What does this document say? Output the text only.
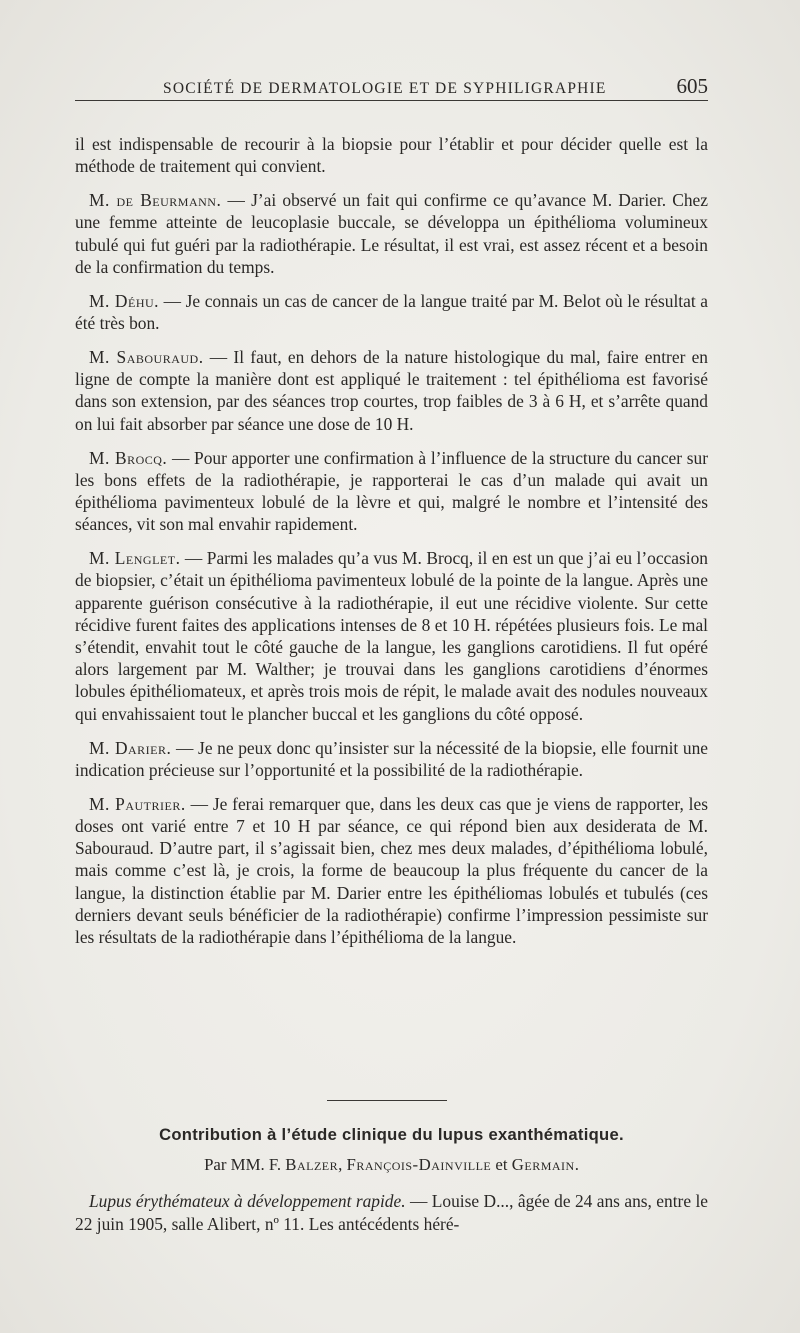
SOCIÉTÉ DE DERMATOLOGIE ET DE SYPHILIGRAPHIE	605

il est indispensable de recourir à la biopsie pour l’établir et pour décider quelle est la méthode de traitement qui convient.

M. de Beurmann. — J’ai observé un fait qui confirme ce qu’avance M. Darier. Chez une femme atteinte de leucoplasie buccale, se développa un épithélioma volumineux tubulé qui fut guéri par la radiothérapie. Le résultat, il est vrai, est assez récent et a besoin de la confirmation du temps.

M. Déhu. — Je connais un cas de cancer de la langue traité par M. Belot où le résultat a été très bon.

M. Sabouraud. — Il faut, en dehors de la nature histologique du mal, faire entrer en ligne de compte la manière dont est appliqué le traitement : tel épithélioma est favorisé dans son extension, par des séances trop courtes, trop faibles de 3 à 6 H, et s’arrête quand on lui fait absorber par séance une dose de 10 H.

M. Brocq. — Pour apporter une confirmation à l’influence de la structure du cancer sur les bons effets de la radiothérapie, je rapporterai le cas d’un malade qui avait un épithélioma pavimenteux lobulé de la lèvre et qui, malgré le nombre et l’intensité des séances, vit son mal envahir rapidement.

M. Lenglet. — Parmi les malades qu’a vus M. Brocq, il en est un que j’ai eu l’occasion de biopsier, c’était un épithélioma pavimenteux lobulé de la pointe de la langue. Après une apparente guérison consécutive à la radiothérapie, il eut une récidive violente. Sur cette récidive furent faites des applications intenses de 8 et 10 H. répétées plusieurs fois. Le mal s’étendit, envahit tout le côté gauche de la langue, les ganglions carotidiens. Il fut opéré alors largement par M. Walther; je trouvai dans les ganglions carotidiens d’énormes lobules épithéliomateux, et après trois mois de répit, le malade avait des nodules nouveaux qui envahissaient tout le plancher buccal et les ganglions du côté opposé.

M. Darier. — Je ne peux donc qu’insister sur la nécessité de la biopsie, elle fournit une indication précieuse sur l’opportunité et la possibilité de la radiothérapie.

M. Pautrier. — Je ferai remarquer que, dans les deux cas que je viens de rapporter, les doses ont varié entre 7 et 10 H par séance, ce qui répond bien aux desiderata de M. Sabouraud. D’autre part, il s’agissait bien, chez mes deux malades, d’épithélioma lobulé, mais comme c’est là, je crois, la forme de beaucoup la plus fréquente du cancer de la langue, la distinction établie par M. Darier entre les épithéliomas lobulés et tubulés (ces derniers devant seuls bénéficier de la radiothérapie) confirme l’impression pessimiste sur les résultats de la radiothérapie dans l’épithélioma de la langue.

Contribution à l’étude clinique du lupus exanthématique.
Par MM. F. Balzer, François-Dainville et Germain.

Lupus érythémateux à développement rapide. — Louise D..., âgée de 24 ans ans, entre le 22 juin 1905, salle Alibert, nº 11. Les antécédents héré-
